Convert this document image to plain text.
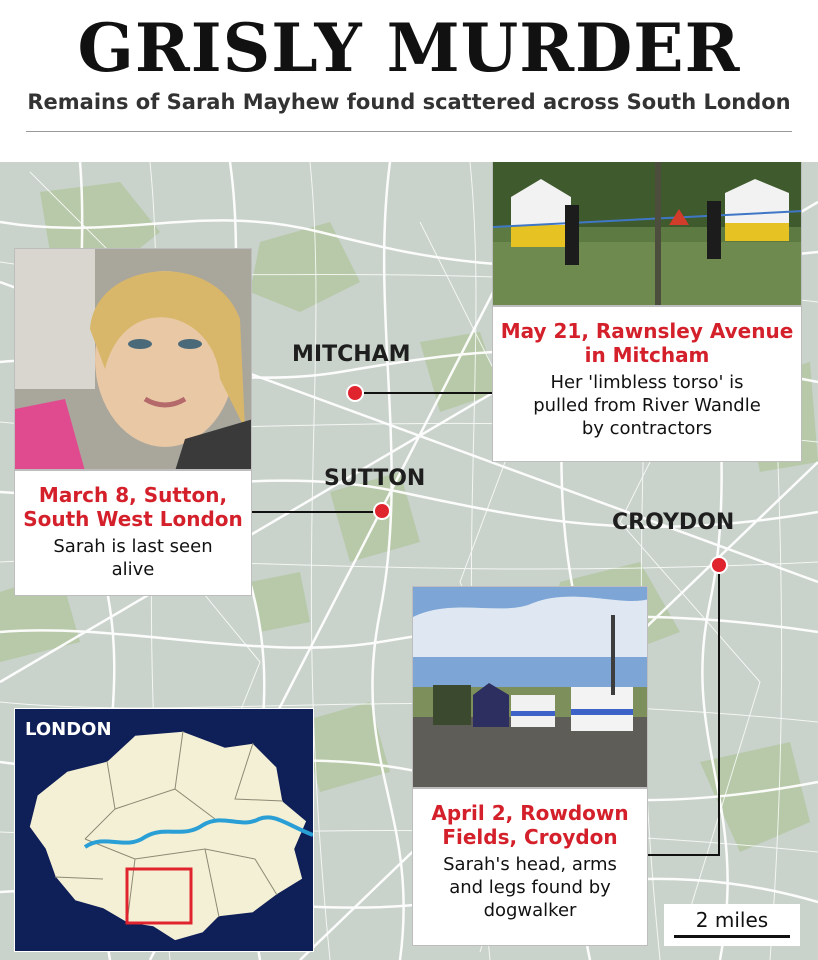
GRISLY MURDER
Remains of Sarah Mayhew found scattered across South London
March 8, Sutton,
South West London
Sarah is last seen
alive
May 21, Rawnsley Avenue
in Mitcham
Her 'limbless torso' is
pulled from River Wandle
by contractors
April 2, Rowdown
Fields, Croydon
Sarah's head, arms
and legs found by
dogwalker
MITCHAM
SUTTON
CROYDON
LONDON
2 miles
